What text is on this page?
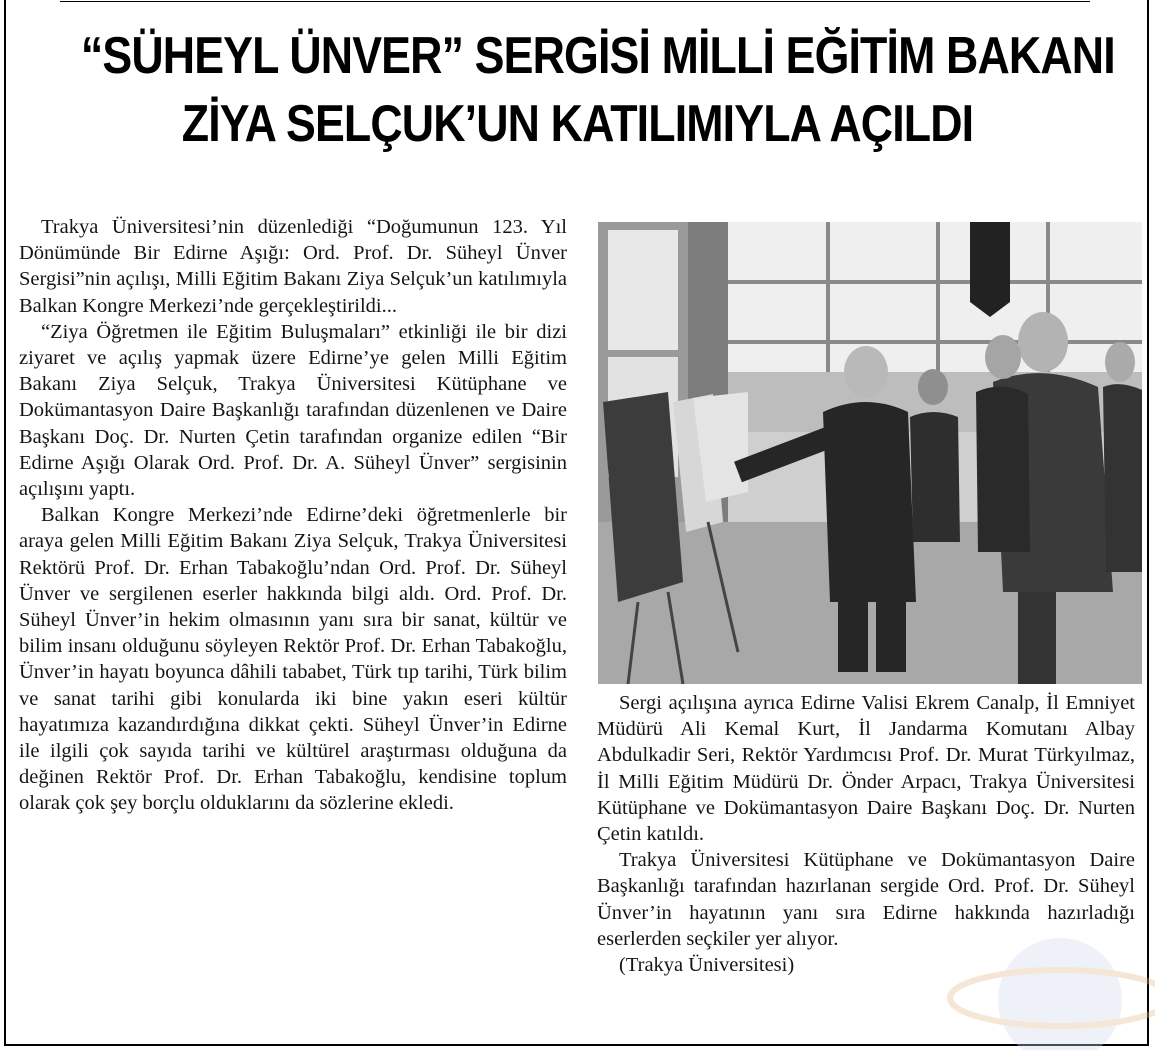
“SÜHEYL ÜNVER” SERGİSİ MİLLİ EĞİTİM BAKANI
ZİYA SELÇUK’UN KATILIMIYLA AÇILDI

Trakya Üniversitesi’nin düzenlediği “Doğumunun 123. Yıl Dönümünde Bir Edirne Aşığı: Ord. Prof. Dr. Süheyl Ünver Sergisi”nin açılışı, Milli Eğitim Bakanı Ziya Selçuk’un katılımıyla Balkan Kongre Merkezi’nde gerçekleştirildi...

“Ziya Öğretmen ile Eğitim Buluşmaları” etkinliği ile bir dizi ziyaret ve açılış yapmak üzere Edirne’ye gelen Milli Eğitim Bakanı Ziya Selçuk, Trakya Üniversitesi Kütüphane ve Dokümantasyon Daire Başkanlığı tarafından düzenlenen ve Daire Başkanı Doç. Dr. Nurten Çetin tarafından organize edilen “Bir Edirne Aşığı Olarak Ord. Prof. Dr. A. Süheyl Ünver” sergisinin açılışını yaptı.

Balkan Kongre Merkezi’nde Edirne’deki öğretmenlerle bir araya gelen Milli Eğitim Bakanı Ziya Selçuk, Trakya Üniversitesi Rektörü Prof. Dr. Erhan Tabakoğlu’ndan Ord. Prof. Dr. Süheyl Ünver ve sergilenen eserler hakkında bilgi aldı. Ord. Prof. Dr. Süheyl Ünver’in hekim olmasının yanı sıra bir sanat, kültür ve bilim insanı olduğunu söyleyen Rektör Prof. Dr. Erhan Tabakoğlu, Ünver’in hayatı boyunca dâhili tababet, Türk tıp tarihi, Türk bilim ve sanat tarihi gibi konularda iki bine yakın eseri kültür hayatımıza kazandırdığına dikkat çekti. Süheyl Ünver’in Edirne ile ilgili çok sayıda tarihi ve kültürel araştırması olduğuna da değinen Rektör Prof. Dr. Erhan Tabakoğlu, kendisine toplum olarak çok şey borçlu olduklarını da sözlerine ekledi.

Sergi açılışına ayrıca Edirne Valisi Ekrem Canalp, İl Emniyet Müdürü Ali Kemal Kurt, İl Jandarma Komutanı Albay Abdulkadir Seri, Rektör Yardımcısı Prof. Dr. Murat Türkyılmaz, İl Milli Eğitim Müdürü Dr. Önder Arpacı, Trakya Üniversitesi Kütüphane ve Dokümantasyon Daire Başkanı Doç. Dr. Nurten Çetin katıldı.

Trakya Üniversitesi Kütüphane ve Dokümantasyon Daire Başkanlığı tarafından hazırlanan sergide Ord. Prof. Dr. Süheyl Ünver’in hayatının yanı sıra Edirne hakkında hazırladığı eserlerden seçkiler yer alıyor.

(Trakya Üniversitesi)
